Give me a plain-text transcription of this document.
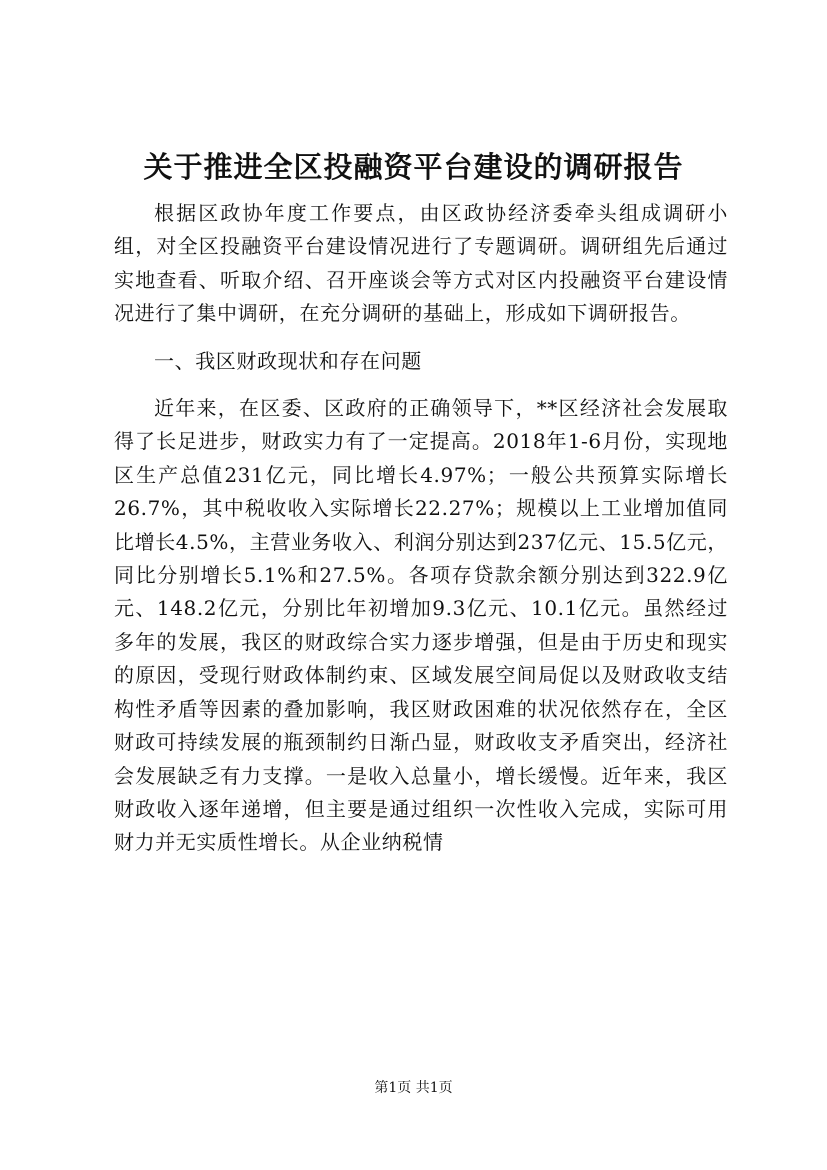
关于推进全区投融资平台建设的调研报告

根据区政协年度工作要点，由区政协经济委牵头组成调研小组，对全区投融资平台建设情况进行了专题调研。调研组先后通过实地查看、听取介绍、召开座谈会等方式对区内投融资平台建设情况进行了集中调研，在充分调研的基础上，形成如下调研报告。

一、我区财政现状和存在问题

近年来，在区委、区政府的正确领导下，**区经济社会发展取得了长足进步，财政实力有了一定提高。2018年1-6月份，实现地区生产总值231亿元，同比增长4.97%；一般公共预算实际增长26.7%，其中税收收入实际增长22.27%；规模以上工业增加值同比增长4.5%，主营业务收入、利润分别达到237亿元、15.5亿元，同比分别增长5.1%和27.5%。各项存贷款余额分别达到322.9亿元、148.2亿元，分别比年初增加9.3亿元、10.1亿元。虽然经过多年的发展，我区的财政综合实力逐步增强，但是由于历史和现实的原因，受现行财政体制约束、区域发展空间局促以及财政收支结构性矛盾等因素的叠加影响，我区财政困难的状况依然存在，全区财政可持续发展的瓶颈制约日渐凸显，财政收支矛盾突出，经济社会发展缺乏有力支撑。一是收入总量小，增长缓慢。近年来，我区财政收入逐年递增，但主要是通过组织一次性收入完成，实际可用财力并无实质性增长。从企业纳税情

第1页 共1页
